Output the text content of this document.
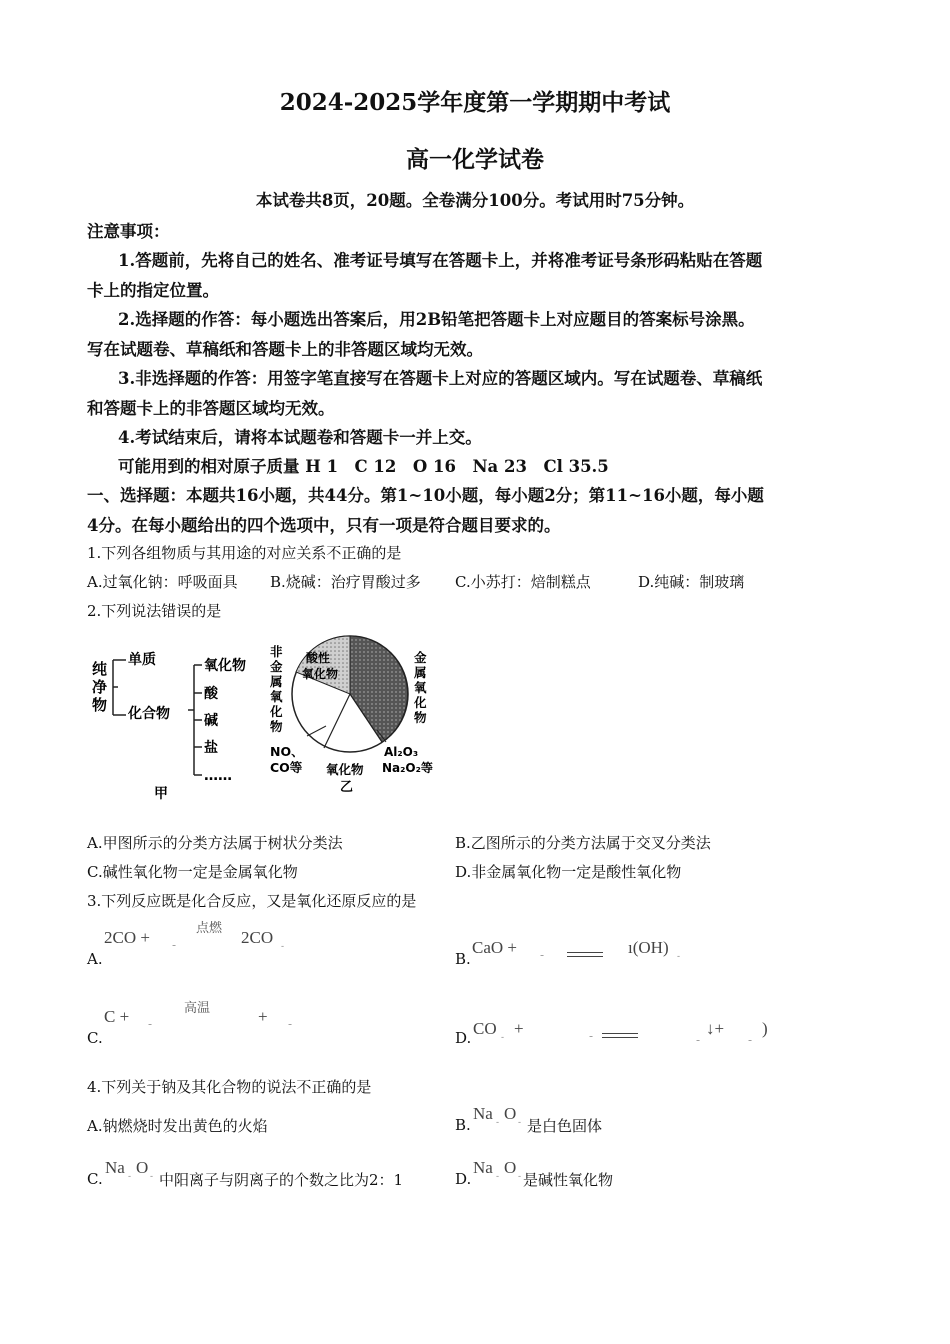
2024-2025学年度第一学期期中考试
高一化学试卷
本试卷共8页，20题。全卷满分100分。考试用时75分钟。
注意事项：
1.答题前，先将自己的姓名、准考证号填写在答题卡上，并将准考证号条形码粘贴在答题
卡上的指定位置。
2.选择题的作答：每小题选出答案后，用2B铅笔把答题卡上对应题目的答案标号涂黑。
写在试题卷、草稿纸和答题卡上的非答题区域均无效。
3.非选择题的作答：用签字笔直接写在答题卡上对应的答题区域内。写在试题卷、草稿纸
和答题卡上的非答题区域均无效。
4.考试结束后，请将本试题卷和答题卡一并上交。
可能用到的相对原子质量 H 1　C 12　O 16　Na 23　Cl 35.5
一、选择题：本题共16小题，共44分。第1~10小题，每小题2分；第11~16小题，每小题
4分。在每小题给出的四个选项中，只有一项是符合题目要求的。
1.下列各组物质与其用途的对应关系不正确的是
A.过氧化钠：呼吸面具 B.烧碱：治疗胃酸过多 C.小苏打：焙制糕点	D.纯碱：制玻璃
2.下列说法错误的是
纯
净
物
单质
化合物
氧化物
酸
碱
盐
……
甲
酸性
氧化物
非
金
属
氧
化
物
金
属
氧
化
物
NO、
CO等 氧化物
乙
Al₂O₃
Na₂O₂等
A.甲图所示的分类方法属于树状分类法	B.乙图所示的分类方法属于交叉分类法
C.碱性氧化物一定是金属氧化物	D.非金属氧化物一定是酸性氧化物
3.下列反应既是化合反应，又是氧化还原反应的是
A.
2CO + -
点燃 2CO -
B.
CaO + -	ı(OH) -
C.
C + -
高温	+ -
D. CO - +	-	-
↓+
-
)
4.下列关于钠及其化合物的说法不正确的是
A.钠燃烧时发出黄色的火焰	B.
Na - O - 是白色固体
C.
Na - O - 中阳离子与阴离子的个数之比为2：1	D.
Na - O - 是碱性氧化物
